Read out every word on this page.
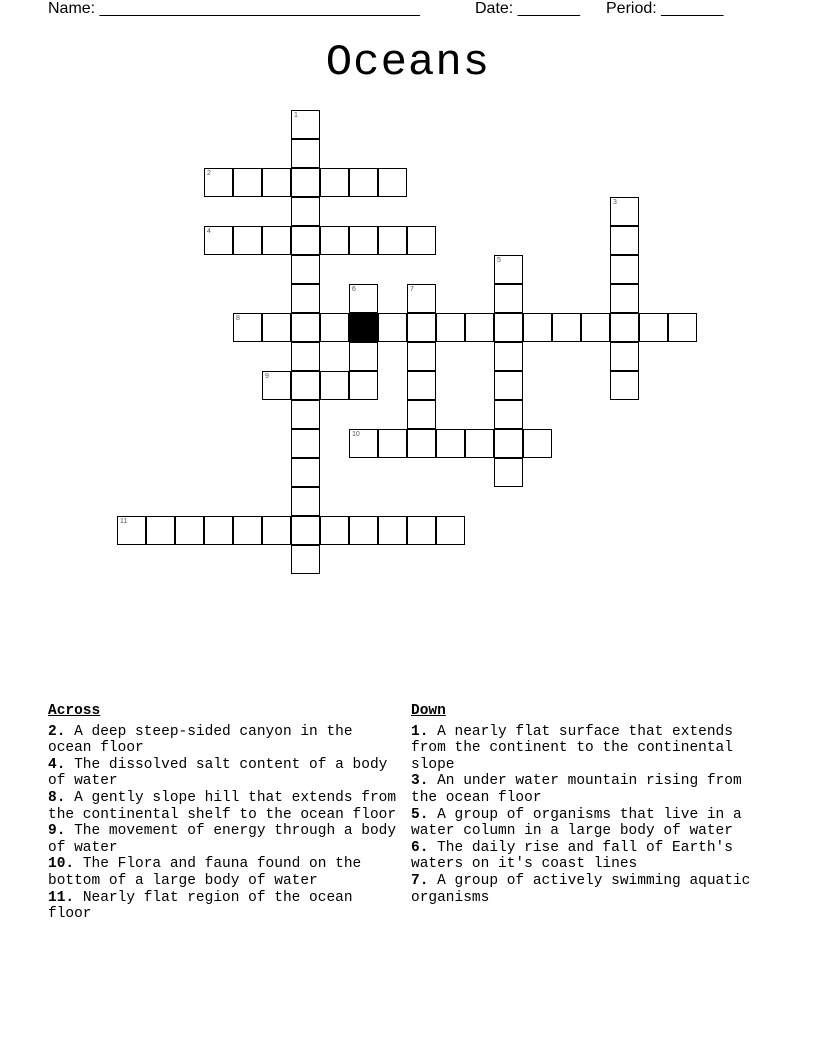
Name: ____________________________________	Date: _______ Period: _______
Oceans
1
2
3
4
5
6	7
8
9
10
11
Across
2. A deep steep-sided canyon in the ocean floor
4. The dissolved salt content of a body of water
8. A gently slope hill that extends from the continental shelf to the ocean floor
9. The movement of energy through a body of water
10. The Flora and fauna found on the bottom of a large body of water
11. Nearly flat region of the ocean floor
Down
1. A nearly flat surface that extends from the continent to the continental slope
3. An under water mountain rising from the ocean floor
5. A group of organisms that live in a water column in a large body of water
6. The daily rise and fall of Earth's waters on it's coast lines
7. A group of actively swimming aquatic organisms
